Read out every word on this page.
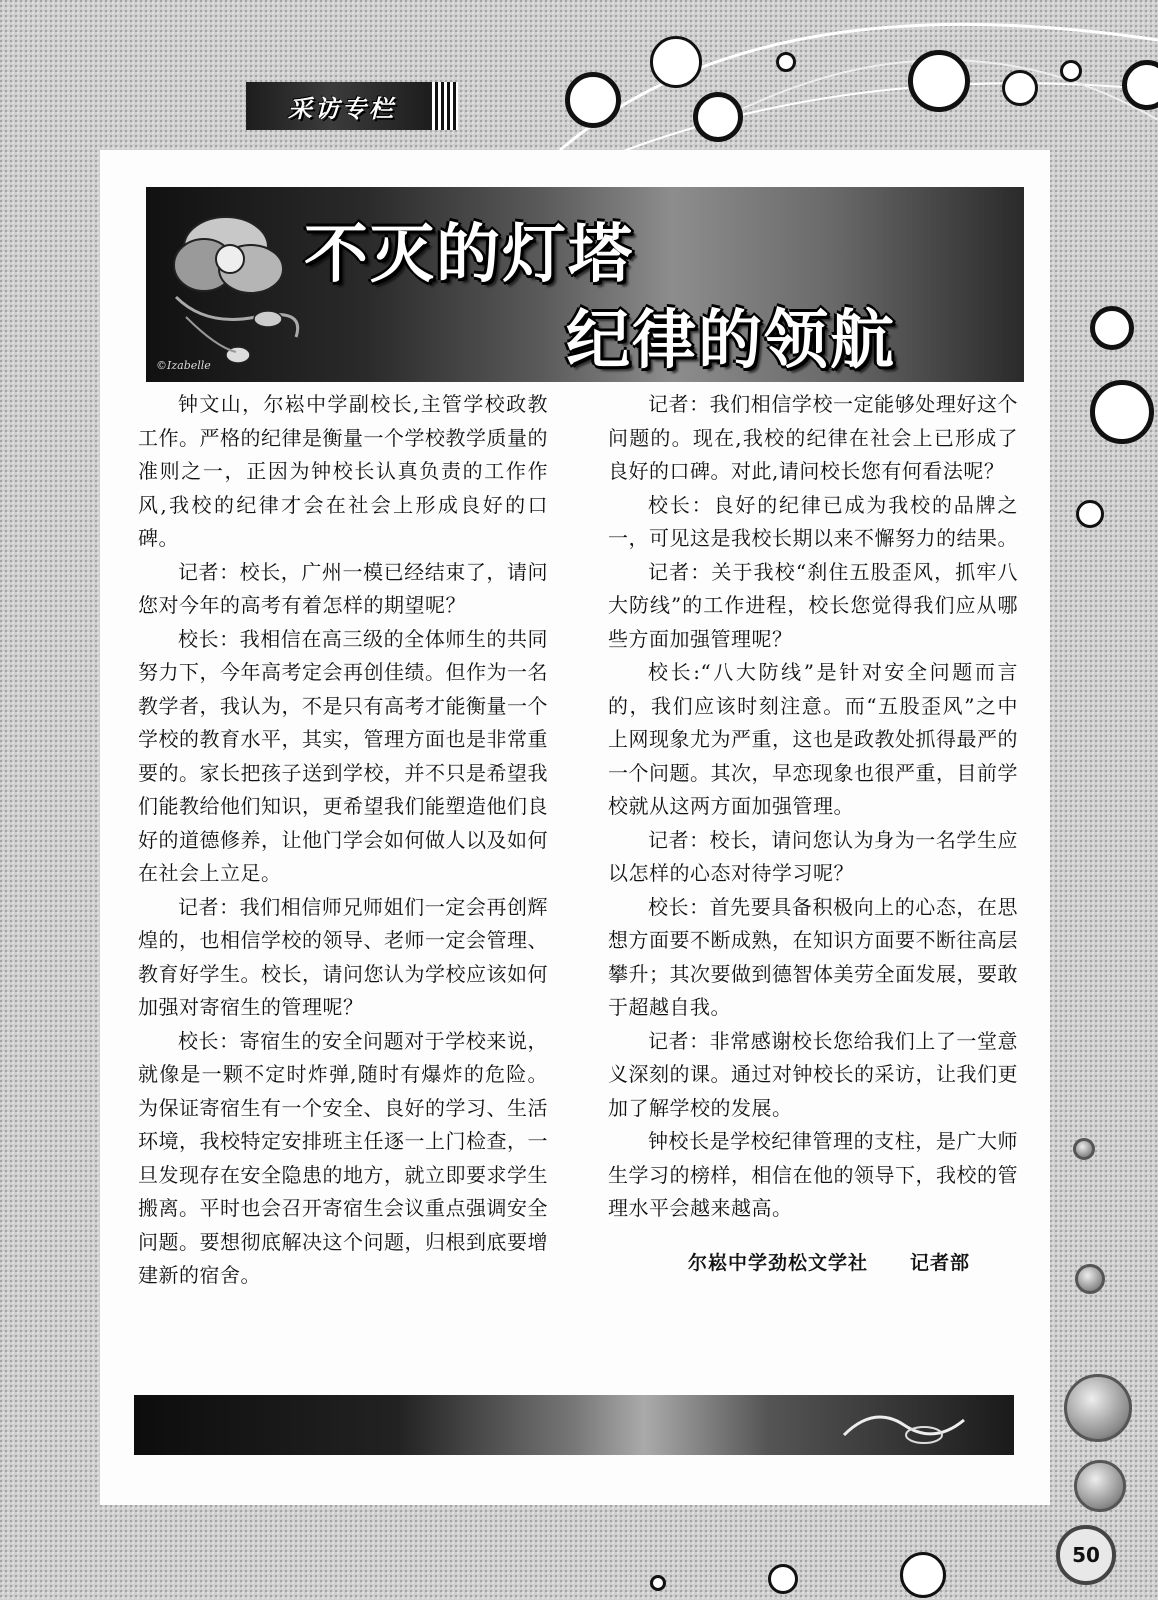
采访专栏
©Izabelle
不灭的灯塔
纪律的领航

钟文山，尔崧中学副校长,主管学校政教工作。严格的纪律是衡量一个学校教学质量的准则之一，正因为钟校长认真负责的工作作风,我校的纪律才会在社会上形成良好的口碑。

记者：校长，广州一模已经结束了，请问您对今年的高考有着怎样的期望呢？

校长：我相信在高三级的全体师生的共同努力下，今年高考定会再创佳绩。但作为一名教学者，我认为，不是只有高考才能衡量一个学校的教育水平，其实，管理方面也是非常重要的。家长把孩子送到学校，并不只是希望我们能教给他们知识，更希望我们能塑造他们良好的道德修养，让他门学会如何做人以及如何在社会上立足。

记者：我们相信师兄师姐们一定会再创辉煌的，也相信学校的领导、老师一定会管理、教育好学生。校长，请问您认为学校应该如何加强对寄宿生的管理呢？

校长：寄宿生的安全问题对于学校来说，就像是一颗不定时炸弹,随时有爆炸的危险。为保证寄宿生有一个安全、良好的学习、生活环境，我校特定安排班主任逐一上门检查，一旦发现存在安全隐患的地方，就立即要求学生搬离。平时也会召开寄宿生会议重点强调安全问题。要想彻底解决这个问题，归根到底要增建新的宿舍。

记者：我们相信学校一定能够处理好这个问题的。现在,我校的纪律在社会上已形成了良好的口碑。对此,请问校长您有何看法呢？

校长：良好的纪律已成为我校的品牌之一，可见这是我校长期以来不懈努力的结果。

记者：关于我校“刹住五股歪风，抓牢八大防线”的工作进程，校长您觉得我们应从哪些方面加强管理呢？

校长:“八大防线”是针对安全问题而言的，我们应该时刻注意。而“五股歪风”之中上网现象尤为严重，这也是政教处抓得最严的一个问题。其次，早恋现象也很严重，目前学校就从这两方面加强管理。

记者：校长，请问您认为身为一名学生应以怎样的心态对待学习呢？

校长：首先要具备积极向上的心态，在思想方面要不断成熟，在知识方面要不断往高层攀升；其次要做到德智体美劳全面发展，要敢于超越自我。

记者：非常感谢校长您给我们上了一堂意义深刻的课。通过对钟校长的采访，让我们更加了解学校的发展。

钟校长是学校纪律管理的支柱，是广大师生学习的榜样，相信在他的领导下，我校的管理水平会越来越高。

尔崧中学劲松文学社 记者部
50
